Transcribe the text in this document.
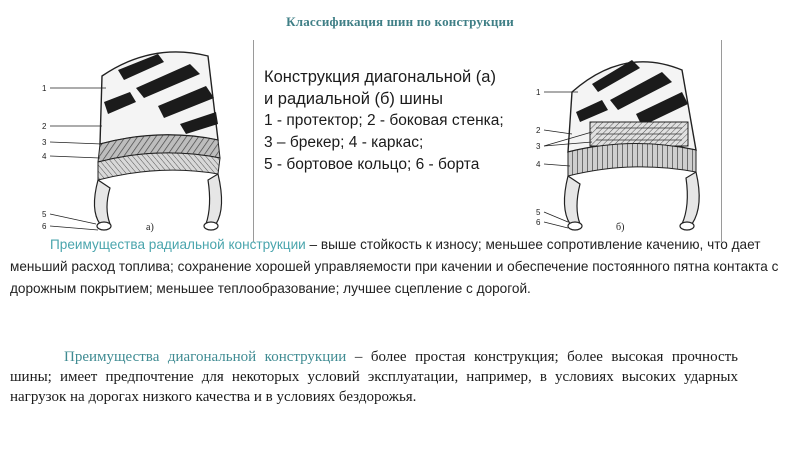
Классификация шин по конструкции
1
2
3
4
5
6	а)
1
2
3
4
5
6	б)
Конструкция диагональной (а) и радиальной (б) шины
1 - протектор; 2 - боковая стенка; 3 – брекер; 4 - каркас;
5 - бортовое кольцо; 6 - борта
Преимущества радиальной конструкции – выше стойкость к износу; меньшее сопротивление качению, что дает меньший расход топлива; сохранение хорошей управляемости при качении и обеспечение постоянного пятна контакта с дорожным покрытием; меньшее теплообразование; лучшее сцепление с дорогой.
Преимущества диагональной конструкции – более простая конструкция; более высокая прочность шины; имеет предпочтение для некоторых условий эксплуатации, например, в условиях высоких ударных нагрузок на дорогах низкого качества и в условиях бездорожья.
